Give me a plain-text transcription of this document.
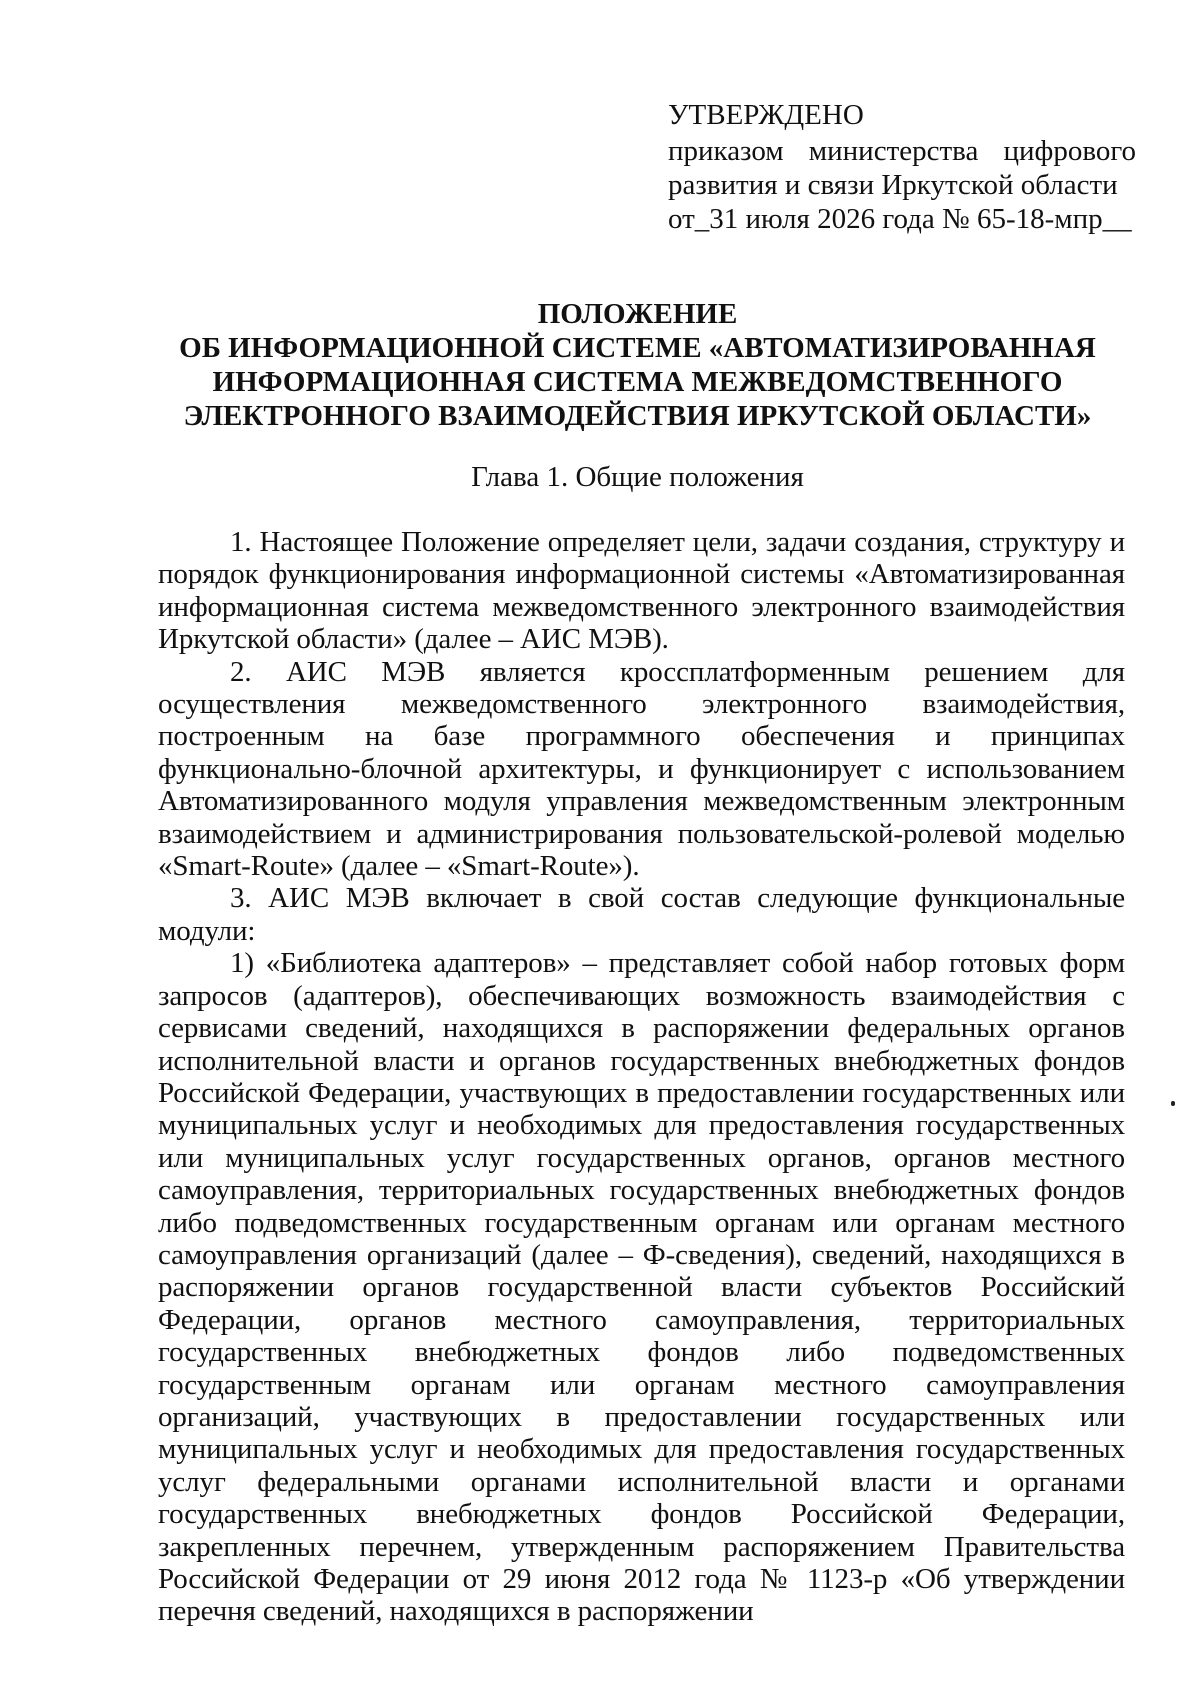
УТВЕРЖДЕНО
приказом министерства цифрового
развития и связи Иркутской области
от_31 июля 2026 года № 65-18-мпр__
ПОЛОЖЕНИЕ
ОБ ИНФОРМАЦИОННОЙ СИСТЕМЕ «АВТОМАТИЗИРОВАННАЯ
ИНФОРМАЦИОННАЯ СИСТЕМА МЕЖВЕДОМСТВЕННОГО
ЭЛЕКТРОННОГО ВЗАИМОДЕЙСТВИЯ ИРКУТСКОЙ ОБЛАСТИ»
Глава 1. Общие положения

1. Настоящее Положение определяет цели, задачи создания, структуру и порядок функционирования информационной системы «Автоматизированная информационная система межведомственного электронного взаимодействия Иркутской области» (далее – АИС МЭВ).

2. АИС МЭВ является кроссплатформенным решением для осуществления межведомственного электронного взаимодействия, построенным на базе программного обеспечения и принципах функционально-блочной архитектуры, и функционирует с использованием Автоматизированного модуля управления межведомственным электронным взаимодействием и администрирования пользовательской-ролевой моделью «Smart-Route» (далее – «Smart-Route»).

3. АИС МЭВ включает в свой состав следующие функциональные модули:

1) «Библиотека адаптеров» – представляет собой набор готовых форм запросов (адаптеров), обеспечивающих возможность взаимодействия с сервисами сведений, находящихся в распоряжении федеральных органов исполнительной власти и органов государственных внебюджетных фондов Российской Федерации, участвующих в предоставлении государственных или муниципальных услуг и необходимых для предоставления государственных или муниципальных услуг государственных органов, органов местного самоуправления, территориальных государственных внебюджетных фондов либо подведомственных государственным органам или органам местного самоуправления организаций (далее – Ф-сведения), сведений, находящихся в распоряжении органов государственной власти субъектов Российский Федерации, органов местного самоуправления, территориальных государственных внебюджетных фондов либо подведомственных государственным органам или органам местного самоуправления организаций, участвующих в предоставлении государственных или муниципальных услуг и необходимых для предоставления государственных услуг федеральными органами исполнительной власти и органами государственных внебюджетных фондов Российской Федерации, закрепленных перечнем, утвержденным распоряжением Правительства Российской Федерации от 29 июня 2012 года № 1123-р «Об утверждении перечня сведений, находящихся в распоряжении
